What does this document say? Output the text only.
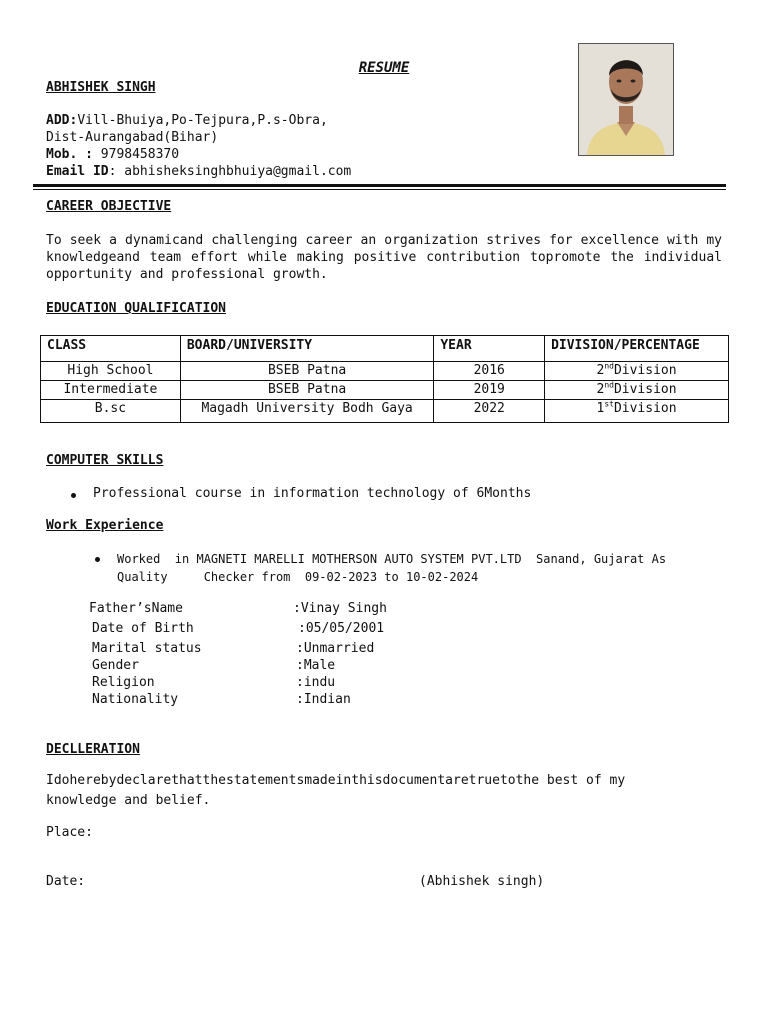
RESUME
ABHISHEK SINGH
ADD:Vill-Bhuiya,Po-Tejpura,P.s-Obra,
Dist-Aurangabad(Bihar)
Mob. : 9798458370
Email ID: abhisheksinghbhuiya@gmail.com
CAREER OBJECTIVE
To seek a dynamicand challenging career an organization strives for excellence with my knowledgeand team effort while making positive contribution topromote the individual opportunity and professional growth.
EDUCATION QUALIFICATION
CLASS	BOARD/UNIVERSITY	YEAR	DIVISION/PERCENTAGE
High School	BSEB Patna	2016	2ndDivision
Intermediate	BSEB Patna	2019	2ndDivision
B.sc	Magadh University Bodh Gaya	2022	1stDivision
COMPUTER SKILLS
Professional course in information technology of 6Months
Work Experience
Worked  in MAGNETI MARELLI MOTHERSON AUTO SYSTEM PVT.LTD  Sanand, Gujarat As
Quality     Checker from  09-02-2023 to 10-02-2024
Father’sName	:Vinay Singh
Date of Birth	:05/05/2001
Marital status	:Unmarried
Gender	:Male
Religion	:indu
Nationality	:Indian
DECLLERATION
Idoherebydeclarethatthestatementsmadeinthisdocumentaretruetothe best of my
knowledge and belief.
Place:
Date:	(Abhishek singh)
